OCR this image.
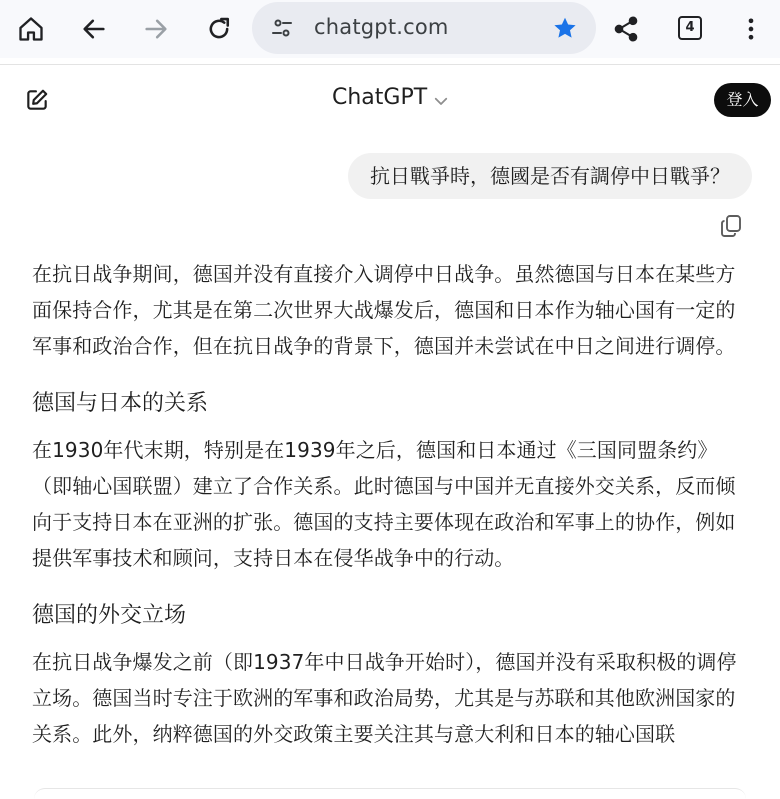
chatgpt.com	4
ChatGPT	登入
抗日戰爭時，德國是否有調停中日戰爭？

在抗日战争期间，德国并没有直接介入调停中日战争。虽然德国与日本在某些方面保持合作，尤其是在第二次世界大战爆发后，德国和日本作为轴心国有一定的军事和政治合作，但在抗日战争的背景下，德国并未尝试在中日之间进行调停。

德国与日本的关系

在1930年代末期，特别是在1939年之后，德国和日本通过《三国同盟条约》（即轴心国联盟）建立了合作关系。此时德国与中国并无直接外交关系，反而倾向于支持日本在亚洲的扩张。德国的支持主要体现在政治和军事上的协作，例如提供军事技术和顾问，支持日本在侵华战争中的行动。

德国的外交立场

在抗日战争爆发之前（即1937年中日战争开始时），德国并没有采取积极的调停立场。德国当时专注于欧洲的军事和政治局势，尤其是与苏联和其他欧洲国家的关系。此外，纳粹德国的外交政策主要关注其与意大利和日本的轴心国联
